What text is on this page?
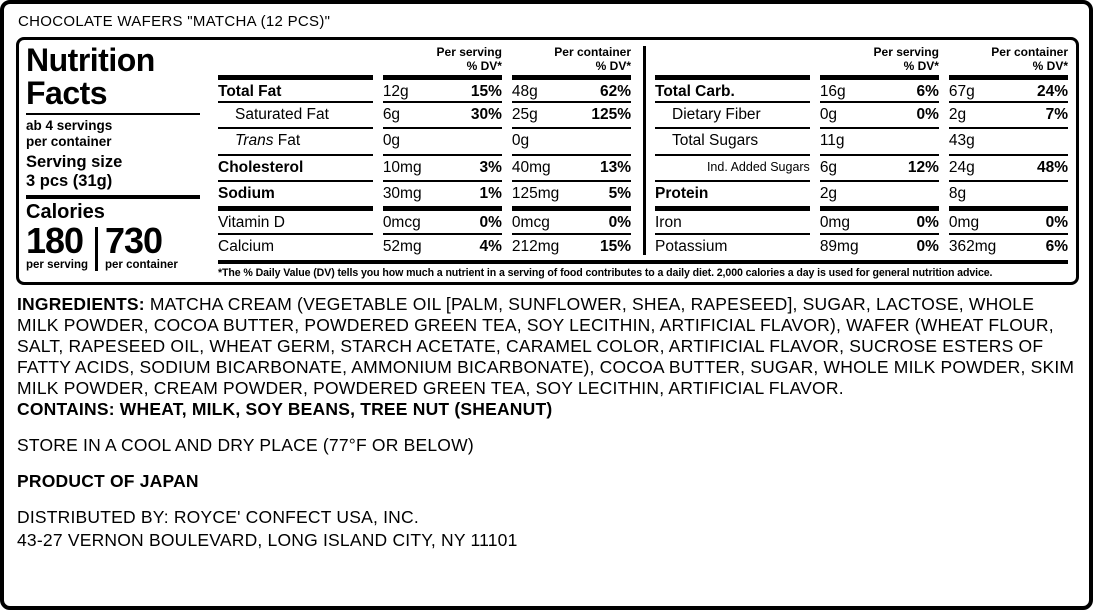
CHOCOLATE WAFERS "MATCHA (12 PCS)"
Nutrition
Facts
ab 4 servings
per container
Serving size
3 pcs (31g)
Calories
180
per serving
730
per container
Per serving
% DV*
Per container
% DV*
Total Fat	12g	15% 48g	62%
Saturated Fat	6g	30% 25g	125%
Trans Fat	0g	0g
Cholesterol	10mg	3% 40mg	13%
Sodium	30mg	1% 125mg	5%
Vitamin D	0mcg	0% 0mcg	0%
Calcium	52mg	4% 212mg	15%
Per serving
% DV*
Per container
% DV*
Total Carb.	16g	6% 67g	24%
Dietary Fiber	0g	0% 2g	7%
Total Sugars	11g	43g
Ind. Added Sugars 6g	12% 24g	48%
Protein	2g	8g
Iron	0mg	0% 0mg	0%
Potassium	89mg	0% 362mg	6%
*The % Daily Value (DV) tells you how much a nutrient in a serving of food contributes to a daily diet. 2,000 calories a day is used for general nutrition advice.
INGREDIENTS: MATCHA CREAM (VEGETABLE OIL [PALM, SUNFLOWER, SHEA, RAPESEED], SUGAR, LACTOSE, WHOLE MILK POWDER, COCOA BUTTER, POWDERED GREEN TEA, SOY LECITHIN, ARTIFICIAL FLAVOR), WAFER (WHEAT FLOUR, SALT, RAPESEED OIL, WHEAT GERM, STARCH ACETATE, CARAMEL COLOR, ARTIFICIAL FLAVOR, SUCROSE ESTERS OF FATTY ACIDS, SODIUM BICARBONATE, AMMONIUM BICARBONATE), COCOA BUTTER, SUGAR, WHOLE MILK POWDER, SKIM MILK POWDER, CREAM POWDER, POWDERED GREEN TEA, SOY LECITHIN, ARTIFICIAL FLAVOR.
CONTAINS: WHEAT, MILK, SOY BEANS, TREE NUT (SHEANUT)
STORE IN A COOL AND DRY PLACE (77°F OR BELOW)
PRODUCT OF JAPAN
DISTRIBUTED BY: ROYCE' CONFECT USA, INC.
43-27 VERNON BOULEVARD, LONG ISLAND CITY, NY 11101
